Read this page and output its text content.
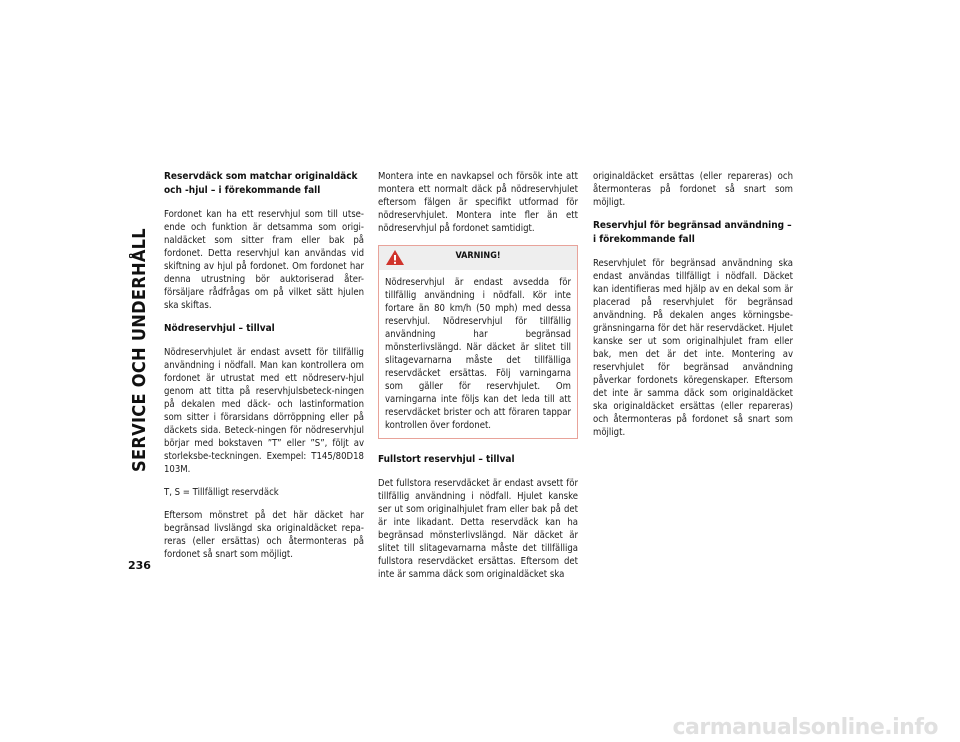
SERVICE OCH UNDERHÅLL
236
Reservdäck som matchar originaldäck och -hjul – i förekommande fall

Fordonet kan ha ett reservhjul som till utse-ende och funktion är detsamma som origi-naldäcket som sitter fram eller bak på fordonet. Detta reservhjul kan användas vid skiftning av hjul på fordonet. Om fordonet har denna utrustning bör auktoriserad åter-försäljare rådfrågas om på vilket sätt hjulen ska skiftas.

Nödreservhjul – tillval

Nödreservhjulet är endast avsett för tillfällig användning i nödfall. Man kan kontrollera om fordonet är utrustat med ett nödreserv-hjul genom att titta på reservhjulsbeteck-ningen på dekalen med däck- och lastinformation som sitter i förarsidans dörröppning eller på däckets sida. Beteck-ningen för nödreservhjul börjar med bokstaven ”T” eller ”S”, följt av storleksbe-teckningen. Exempel: T145/80D18 103M.

T, S = Tillfälligt reservdäck

Eftersom mönstret på det här däcket har begränsad livslängd ska originaldäcket repa-reras (eller ersättas) och återmonteras på fordonet så snart som möjligt.

Montera inte en navkapsel och försök inte att montera ett normalt däck på nödreservhjulet eftersom fälgen är specifikt utformad för nödreservhjulet. Montera inte fler än ett nödreservhjul på fordonet samtidigt.

VARNING!

Nödreservhjul är endast avsedda för tillfällig användning i nödfall. Kör inte fortare än 80 km/h (50 mph) med dessa reservhjul. Nödreservhjul för tillfällig användning har begränsad mönsterlivslängd. När däcket är slitet till slitagevarnarna måste det tillfälliga reservdäcket ersättas. Följ varningarna som gäller för reservhjulet. Om varningarna inte följs kan det leda till att reservdäcket brister och att föraren tappar kontrollen över fordonet.

Fullstort reservhjul – tillval

Det fullstora reservdäcket är endast avsett för tillfällig användning i nödfall. Hjulet kanske ser ut som originalhjulet fram eller bak på det är inte likadant. Detta reservdäck kan ha begränsad mönsterlivslängd. När däcket är slitet till slitagevarnarna måste det tillfälliga fullstora reservdäcket ersättas. Eftersom det inte är samma däck som originaldäcket ska

originaldäcket ersättas (eller repareras) och återmonteras på fordonet så snart som möjligt.

Reservhjul för begränsad användning – i förekommande fall

Reservhjulet för begränsad användning ska endast användas tillfälligt i nödfall. Däcket kan identifieras med hjälp av en dekal som är placerad på reservhjulet för begränsad användning. På dekalen anges körningsbe-gränsningarna för det här reservdäcket. Hjulet kanske ser ut som originalhjulet fram eller bak, men det är det inte. Montering av reservhjulet för begränsad användning påverkar fordonets köregenskaper. Eftersom det inte är samma däck som originaldäcket ska originaldäcket ersättas (eller repareras) och återmonteras på fordonet så snart som möjligt.

carmanualsonline.info
